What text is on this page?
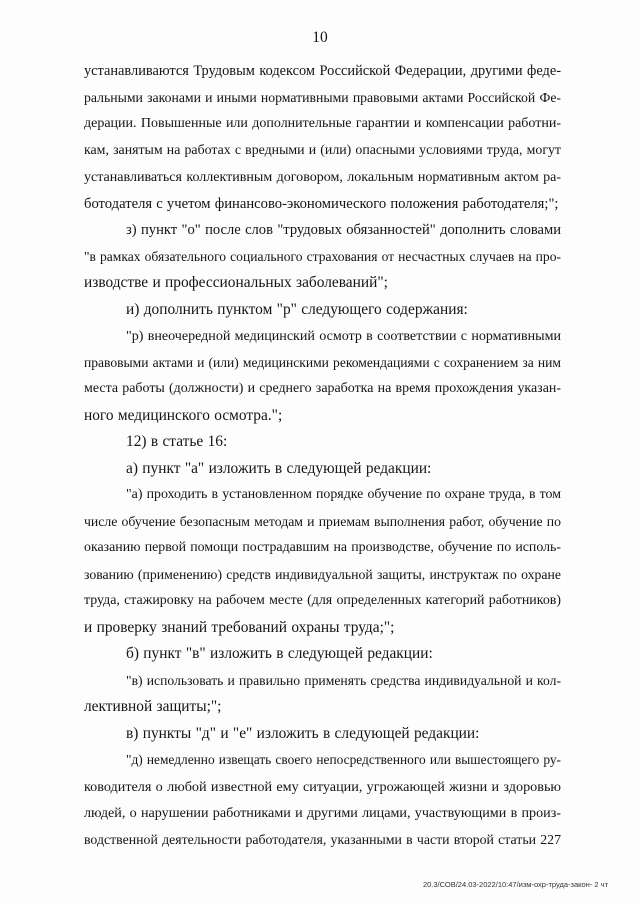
10

устанавливаются Трудовым кодексом Российской Федерации, другими феде-

ральными законами и иными нормативными правовыми актами Российской Фе-

дерации. Повышенные или дополнительные гарантии и компенсации работни-

кам, занятым на работах с вредными и (или) опасными условиями труда, могут

устанавливаться коллективным договором, локальным нормативным актом ра-

ботодателя с учетом финансово-экономического положения работодателя;";

з) пункт "о" после слов "трудовых обязанностей" дополнить словами

"в рамках обязательного социального страхования от несчастных случаев на про-

изводстве и профессиональных заболеваний";

и) дополнить пунктом "р" следующего содержания:

"р) внеочередной медицинский осмотр в соответствии с нормативными

правовыми актами и (или) медицинскими рекомендациями с сохранением за ним

места работы (должности) и среднего заработка на время прохождения указан-

ного медицинского осмотра.";

12) в статье 16:

а) пункт "а" изложить в следующей редакции:

"а) проходить в установленном порядке обучение по охране труда, в том

числе обучение безопасным методам и приемам выполнения работ, обучение по

оказанию первой помощи пострадавшим на производстве, обучение по исполь-

зованию (применению) средств индивидуальной защиты, инструктаж по охране

труда, стажировку на рабочем месте (для определенных категорий работников)

и проверку знаний требований охраны труда;";

б) пункт "в" изложить в следующей редакции:

"в) использовать и правильно применять средства индивидуальной и кол-

лективной защиты;";

в) пункты "д" и "е" изложить в следующей редакции:

"д) немедленно извещать своего непосредственного или вышестоящего ру-

ководителя о любой известной ему ситуации, угрожающей жизни и здоровью

людей, о нарушении работниками и другими лицами, участвующими в произ-

водственной деятельности работодателя, указанными в части второй статьи 227

20.3/СОВ/24.03-2022/10:47/изм-охр-труда-закон- 2 чт
